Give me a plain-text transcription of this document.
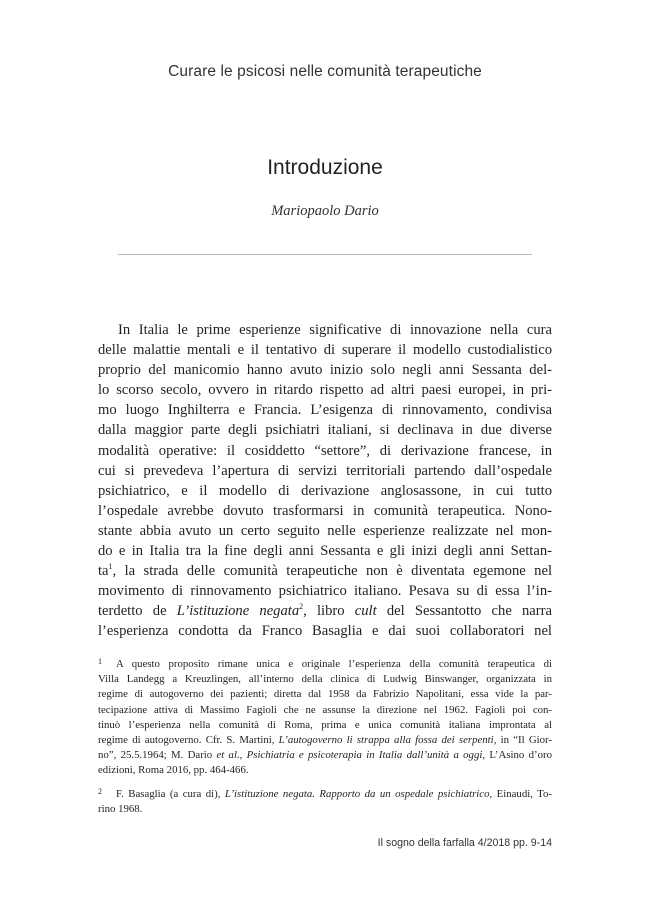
Curare le psicosi nelle comunità terapeutiche
Introduzione
Mariopaolo Dario

In Italia le prime esperienze significative di innovazione nella cura
delle malattie mentali e il tentativo di superare il modello custodialistico
proprio del manicomio hanno avuto inizio solo negli anni Sessanta del-
lo scorso secolo, ovvero in ritardo rispetto ad altri paesi europei, in pri-
mo luogo Inghilterra e Francia. L’esigenza di rinnovamento, condivisa
dalla maggior parte degli psichiatri italiani, si declinava in due diverse
modalità operative: il cosiddetto “settore”, di derivazione francese, in
cui si prevedeva l’apertura di servizi territoriali partendo dall’ospedale
psichiatrico, e il modello di derivazione anglosassone, in cui tutto
l’ospedale avrebbe dovuto trasformarsi in comunità terapeutica. Nono-
stante abbia avuto un certo seguito nelle esperienze realizzate nel mon-
do e in Italia tra la fine degli anni Sessanta e gli inizi degli anni Settan-
$ta^1$, la strada delle comunità terapeutiche non è diventata egemone nel
movimento di rinnovamento psichiatrico italiano. Pesava su di essa l’in-
terdetto de L’istituzione negata$^2$, libro cult del Sessantotto che narra
l’esperienza condotta da Franco Basaglia e dai suoi collaboratori nel

1 A questo proposito rimane unica e originale l’esperienza della comunità terapeutica di
Villa Landegg a Kreuzlingen, all’interno della clinica di Ludwig Binswanger, organizzata in
regime di autogoverno dei pazienti; diretta dal 1958 da Fabrizio Napolitani, essa vide la par-
tecipazione attiva di Massimo Fagioli che ne assunse la direzione nel 1962. Fagioli poi con-
tinuò l’esperienza nella comunità di Roma, prima e unica comunità italiana improntata al
regime di autogoverno. Cfr. S. Martini, L’autogoverno li strappa alla fossa dei serpenti, in “Il Gior-
no”, 25.5.1964; M. Dario et al., Psichiatria e psicoterapia in Italia dall’unità a oggi, L’Asino d’oro
edizioni, Roma 2016, pp. 464-466.
2 F. Basaglia (a cura di), L’istituzione negata. Rapporto da un ospedale psichiatrico, Einaudi, To-
rino 1968.
Il sogno della farfalla 4/2018 pp. 9-14
